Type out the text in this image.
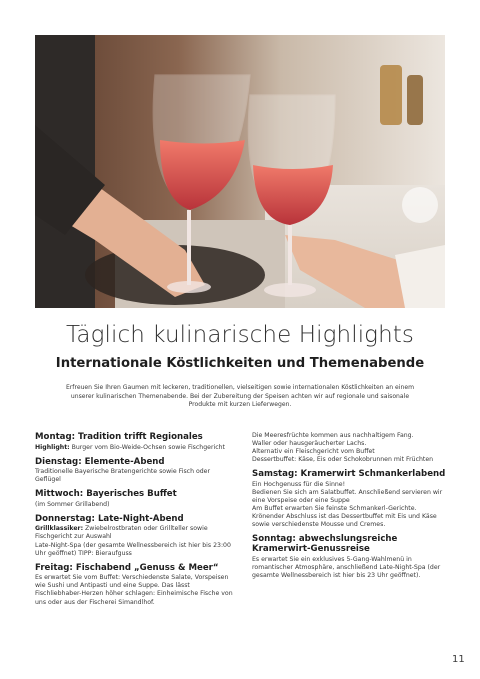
Täglich kulinarische Highlights
Internationale Köstlichkeiten und Themenabende
Erfreuen Sie Ihren Gaumen mit leckeren, traditionellen, vielseitigen sowie internationalen Köstlichkeiten an einem unserer kulinarischen Themenabende. Bei der Zubereitung der Speisen achten wir auf regionale und saisonale Produkte mit kurzen Lieferwegen.
Montag: Tradition trifft Regionales

Highlight: Burger vom Bio-Weide-Ochsen sowie Fischgericht

Dienstag: Elemente-Abend

Traditionelle Bayerische Bratengerichte sowie Fisch oder Geflügel

Mittwoch: Bayerisches Buffet

(im Sommer Grillabend)

Donnerstag: Late-Night-Abend

Grillklassiker: Zwiebelrostbraten oder Grillteller sowie Fischgericht zur Auswahl

Late-Night-Spa (der gesamte Wellnessbereich ist hier bis 23:00 Uhr geöffnet) TIPP: Bieraufguss

Freitag: Fischabend „Genuss & Meer“

Es erwartet Sie vom Buffet: Verschiedenste Salate, Vorspeisen wie Sushi und Antipasti und eine Suppe. Das lässt Fischliebhaber-Herzen höher schlagen: Einheimische Fische von uns oder aus der Fischerei Simandlhof.

Die Meeresfrüchte kommen aus nachhaltigem Fang.

Waller oder hausgeräucherter Lachs.

Alternativ ein Fleischgericht vom Buffet

Dessertbuffet: Käse, Eis oder Schokobrunnen mit Früchten

Samstag: Kramerwirt Schmankerlabend

Ein Hochgenuss für die Sinne!

Bedienen Sie sich am Salatbuffet. Anschließend servieren wir eine Vorspeise oder eine Suppe

Am Buffet erwarten Sie feinste Schmankerl-Gerichte.

Krönender Abschluss ist das Dessertbuffet mit Eis und Käse sowie verschiedenste Mousse und Cremes.

Sonntag: abwechslungsreiche Kramerwirt-Genussreise

Es erwartet Sie ein exklusives 5-Gang-Wahlmenü in romantischer Atmosphäre, anschließend Late-Night-Spa (der gesamte Wellnessbereich ist hier bis 23 Uhr geöffnet).

11
